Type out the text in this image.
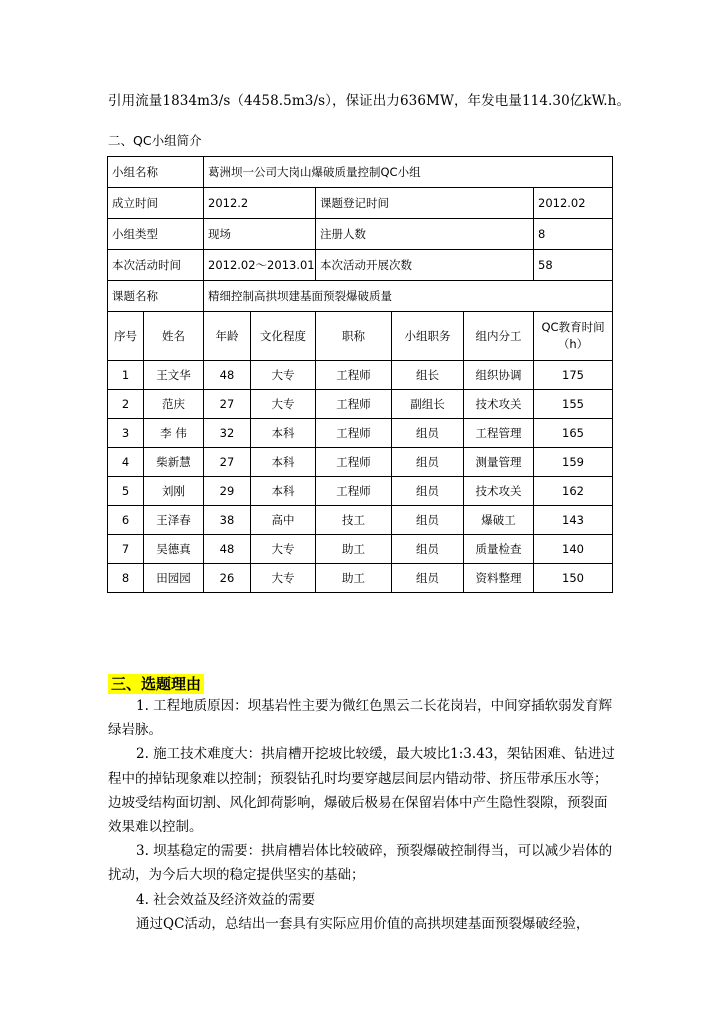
引用流量1834m3/s（4458.5m3/s），保证出力636MW，年发电量114.30亿kW.h。
二、QC小组简介
小组名称		葛洲坝一公司大岗山爆破质量控制QC小组					
成立时间		2012.2		课题登记时间			2012.02
小组类型		现场		注册人数			8
本次活动时间		2012.02～2013.01		本次活动开展次数			58
课题名称		精细控制高拱坝建基面预裂爆破质量					
序号	姓名	年龄	文化程度	职称	小组职务	组内分工	QC教育时间（h）
1	王文华	48	大专	工程师	组长	组织协调	175
2	范庆	27	大专	工程师	副组长	技术攻关	155
3	李 伟	32	本科	工程师	组员	工程管理	165
4	柴新慧	27	本科	工程师	组员	测量管理	159
5	刘刚	29	本科	工程师	组员	技术攻关	162
6	王泽春	38	高中	技工	组员	爆破工	143
7	吴德真	48	大专	助工	组员	质量检查	140
8	田园园	26	大专	助工	组员	资料整理	150
三、选题理由

1. 工程地质原因：坝基岩性主要为微红色黑云二长花岗岩，中间穿插软弱发育辉绿岩脉。

2. 施工技术难度大：拱肩槽开挖坡比较缓，最大坡比1:3.43，架钻困难、钻进过程中的掉钻现象难以控制；预裂钻孔时均要穿越层间层内错动带、挤压带承压水等；边坡受结构面切割、风化卸荷影响，爆破后极易在保留岩体中产生隐性裂隙，预裂面效果难以控制。

3. 坝基稳定的需要：拱肩槽岩体比较破碎，预裂爆破控制得当，可以减少岩体的扰动，为今后大坝的稳定提供坚实的基础；

4. 社会效益及经济效益的需要

通过QC活动，总结出一套具有实际应用价值的高拱坝建基面预裂爆破经验，
